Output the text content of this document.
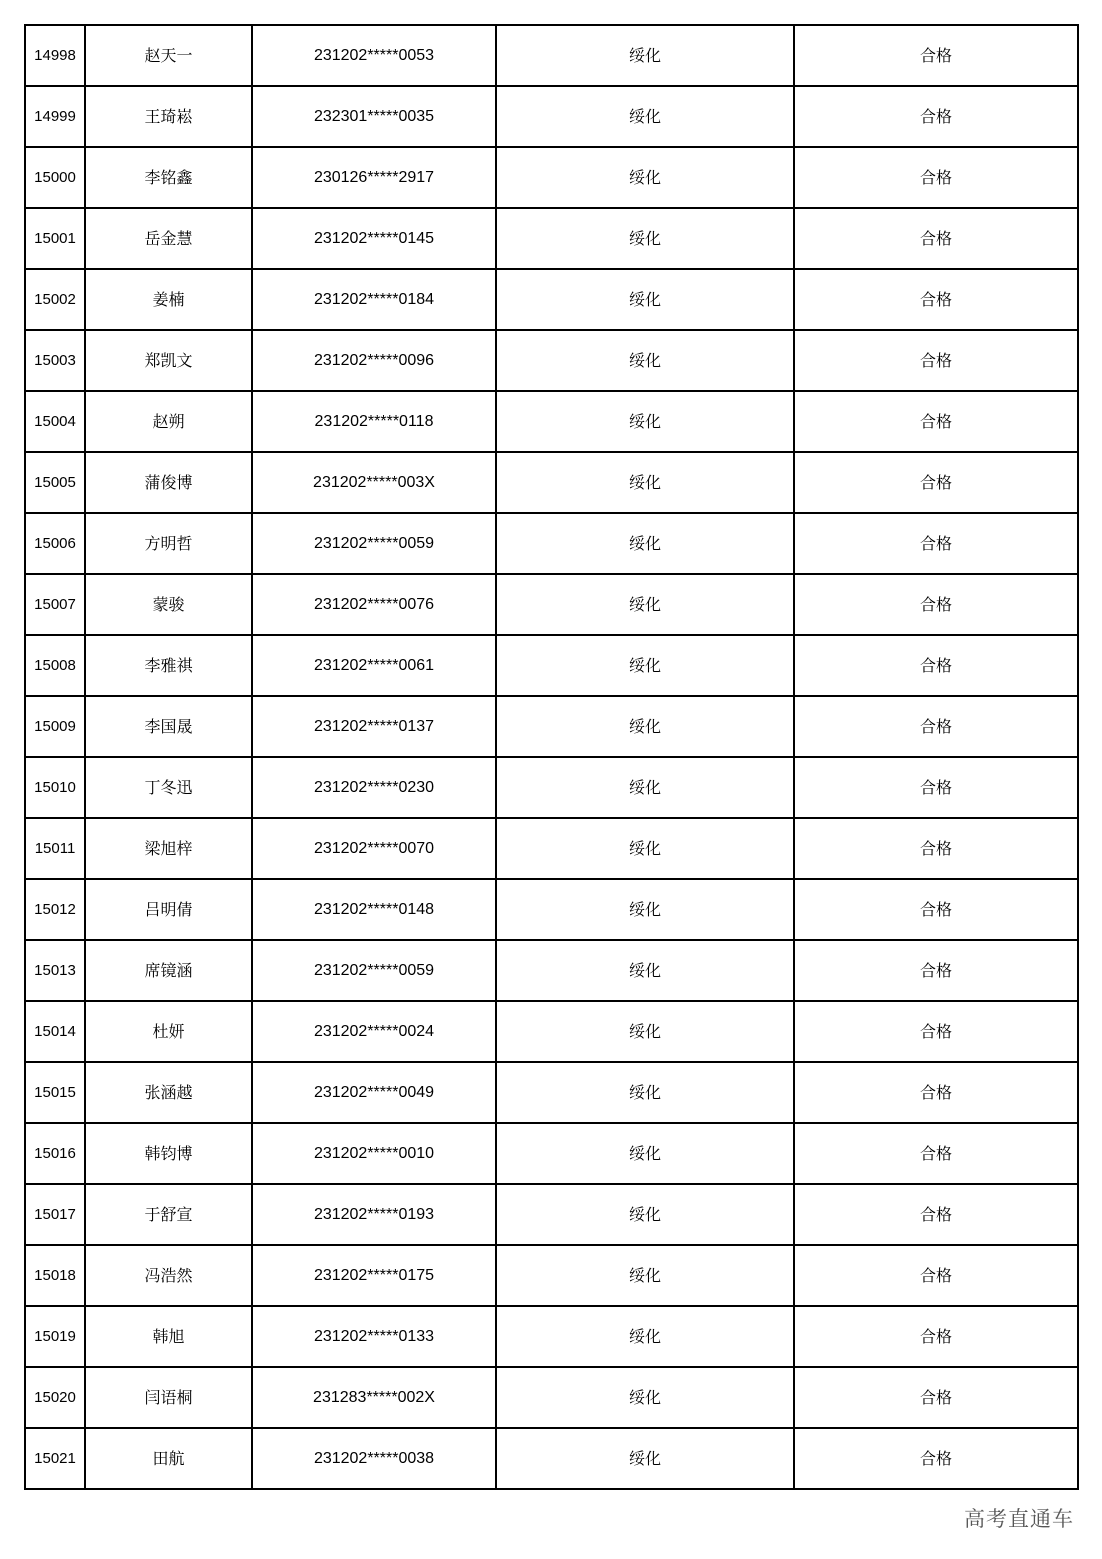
14998	赵天一	231202*****0053	绥化	合格
14999	王琦崧	232301*****0035	绥化	合格
15000	李铭鑫	230126*****2917	绥化	合格
15001	岳金慧	231202*****0145	绥化	合格
15002	姜楠	231202*****0184	绥化	合格
15003	郑凯文	231202*****0096	绥化	合格
15004	赵朔	231202*****0118	绥化	合格
15005	蒲俊博	231202*****003X	绥化	合格
15006	方明哲	231202*****0059	绥化	合格
15007	蒙骏	231202*****0076	绥化	合格
15008	李雅祺	231202*****0061	绥化	合格
15009	李国晟	231202*****0137	绥化	合格
15010	丁冬迅	231202*****0230	绥化	合格
15011	梁旭梓	231202*****0070	绥化	合格
15012	吕明倩	231202*****0148	绥化	合格
15013	席镜涵	231202*****0059	绥化	合格
15014	杜妍	231202*****0024	绥化	合格
15015	张涵越	231202*****0049	绥化	合格
15016	韩钧博	231202*****0010	绥化	合格
15017	于舒宣	231202*****0193	绥化	合格
15018	冯浩然	231202*****0175	绥化	合格
15019	韩旭	231202*****0133	绥化	合格
15020	闫语桐	231283*****002X	绥化	合格
15021	田航	231202*****0038	绥化	合格
高考直通车
